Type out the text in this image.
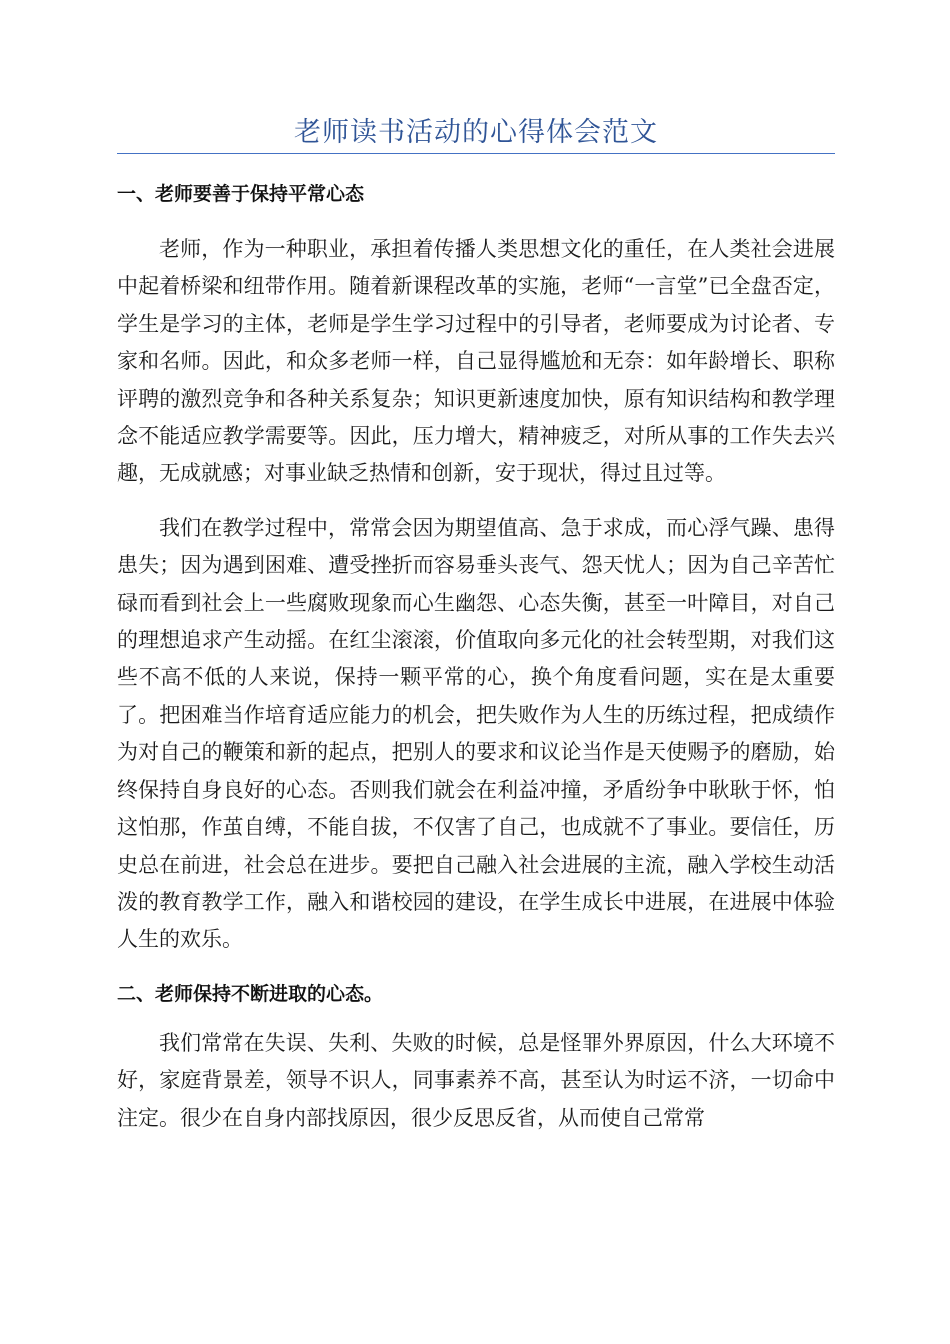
老师读书活动的心得体会范文
一、老师要善于保持平常心态

老师，作为一种职业，承担着传播人类思想文化的重任，在人类社会进展中起着桥梁和纽带作用。随着新课程改革的实施，老师“一言堂”已全盘否定，学生是学习的主体，老师是学生学习过程中的引导者，老师要成为讨论者、专家和名师。因此，和众多老师一样，自己显得尴尬和无奈：如年龄增长、职称评聘的激烈竞争和各种关系复杂；知识更新速度加快，原有知识结构和教学理念不能适应教学需要等。因此，压力增大，精神疲乏，对所从事的工作失去兴趣，无成就感；对事业缺乏热情和创新，安于现状，得过且过等。

我们在教学过程中，常常会因为期望值高、急于求成，而心浮气躁、患得患失；因为遇到困难、遭受挫折而容易垂头丧气、怨天忧人；因为自己辛苦忙碌而看到社会上一些腐败现象而心生幽怨、心态失衡，甚至一叶障目，对自己的理想追求产生动摇。在红尘滚滚，价值取向多元化的社会转型期，对我们这些不高不低的人来说，保持一颗平常的心，换个角度看问题，实在是太重要了。把困难当作培育适应能力的机会，把失败作为人生的历练过程，把成绩作为对自己的鞭策和新的起点，把别人的要求和议论当作是天使赐予的磨励，始终保持自身良好的心态。否则我们就会在利益冲撞，矛盾纷争中耿耿于怀，怕这怕那，作茧自缚，不能自拔，不仅害了自己，也成就不了事业。要信任，历史总在前进，社会总在进步。要把自己融入社会进展的主流，融入学校生动活泼的教育教学工作，融入和谐校园的建设，在学生成长中进展，在进展中体验人生的欢乐。

二、老师保持不断进取的心态。

我们常常在失误、失利、失败的时候，总是怪罪外界原因，什么大环境不好，家庭背景差，领导不识人，同事素养不高，甚至认为时运不济，一切命中注定。很少在自身内部找原因，很少反思反省，从而使自己常常
